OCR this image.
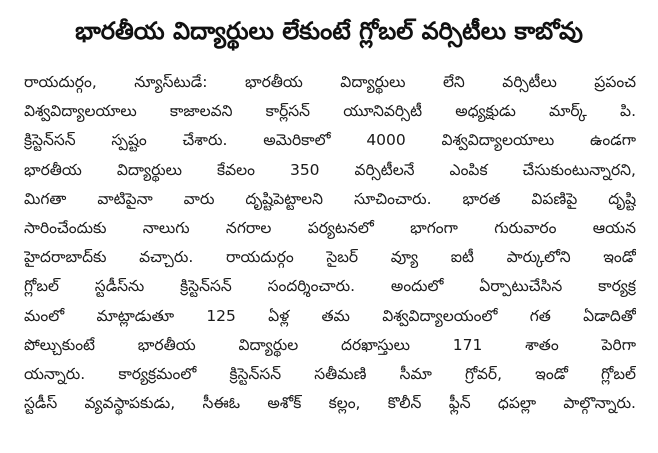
భారతీయ విద్యార్థులు లేకుంటే గ్లోబల్ వర్సిటీలు కాబోవు
రాయదుర్గం, న్యూస్‌టుడే: భారతీయ విద్యార్థులు లేని వర్సిటీలు ప్రపంచ
విశ్వవిద్యాలయాలు కాజాలవని కార్ల్‌సన్ యూనివర్సిటీ అధ్యక్షుడు మార్క్ పి.
క్రిస్టెన్‌సన్ స్పష్టం చేశారు. అమెరికాలో 4000 విశ్వవిద్యాలయాలు ఉండగా
భారతీయ విద్యార్థులు కేవలం 350 వర్సిటీలనే ఎంపిక చేసుకుంటున్నారని,
మిగతా వాటిపైనా వారు దృష్టిపెట్టాలని సూచించారు. భారత విపణిపై దృష్టి
సారించేందుకు నాలుగు నగరాల పర్యటనలో భాగంగా గురువారం ఆయన
హైదరాబాద్‌కు వచ్చారు. రాయదుర్గం సైబర్ వ్యూ ఐటీ పార్కులోని ఇండో
గ్లోబల్ స్టడీస్‌ను క్రిస్టెన్‌సన్ సందర్శించారు. అందులో ఏర్పాటుచేసిన కార్యక్ర
మంలో మాట్లాడుతూ 125 ఏళ్ల తమ విశ్వవిద్యాలయంలో గత ఏడాదితో
పోల్చుకుంటే భారతీయ విద్యార్థుల దరఖాస్తులు 171 శాతం పెరిగా
యన్నారు. కార్యక్రమంలో క్రిస్టెన్‌సన్ సతీమణి సీమా గ్రోవర్, ఇండో గ్లోబల్
స్టడీస్ వ్యవస్థాపకుడు, సీఈఓ అశోక్ కల్లం, కొలీన్ ఫ్లీన్ ధపల్లా పాల్గొన్నారు.
